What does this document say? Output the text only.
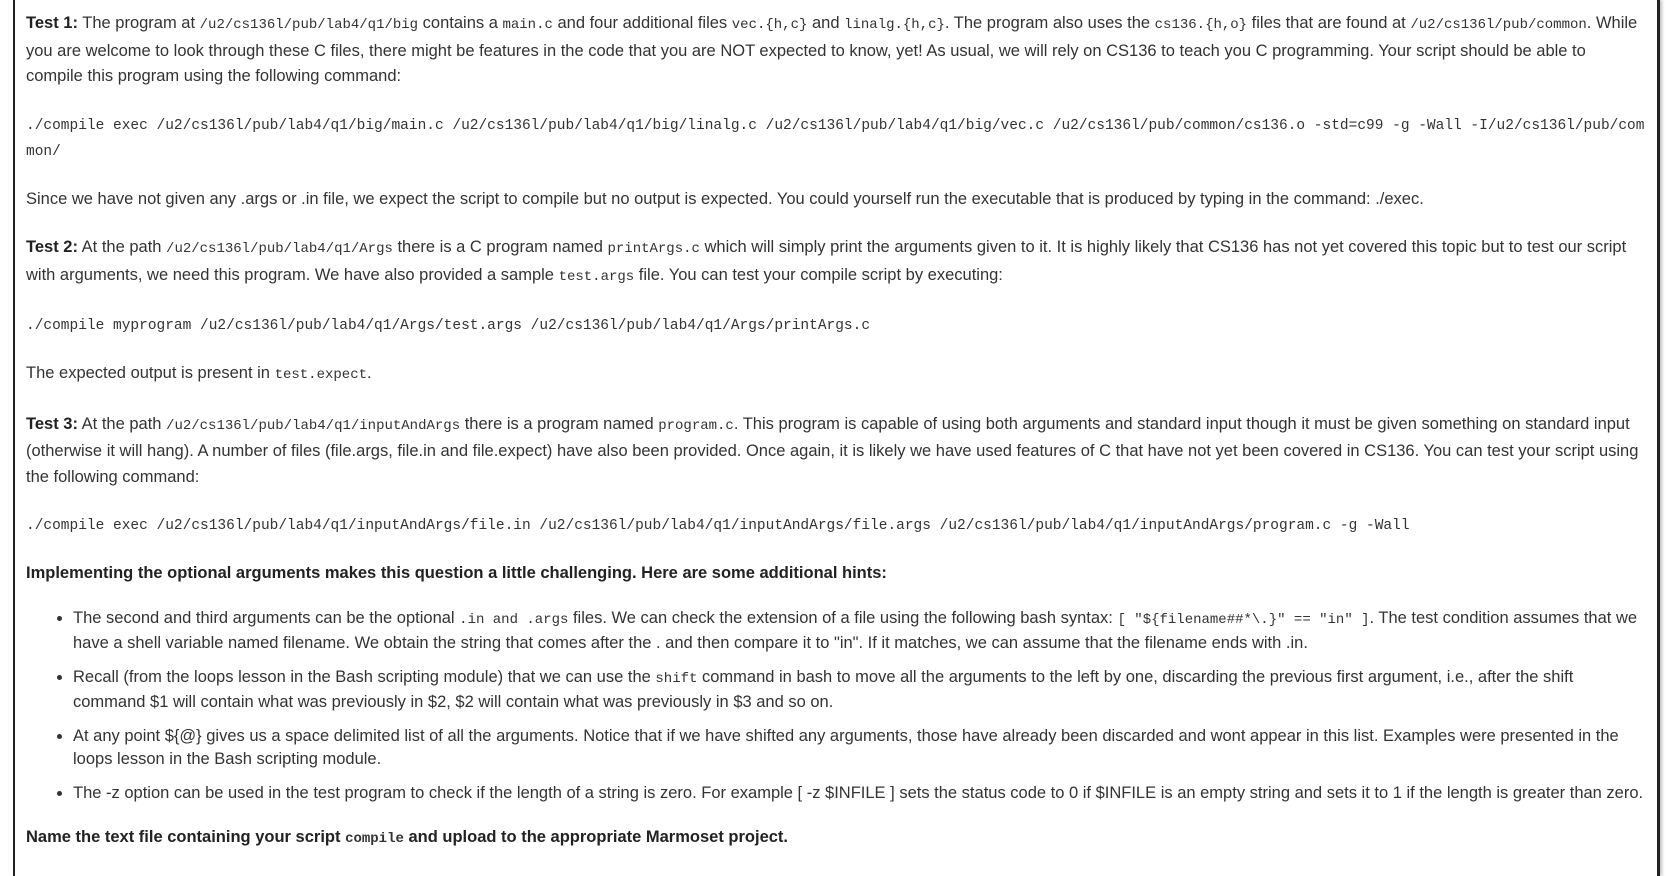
Test 1: The program at /u2/cs136l/pub/lab4/q1/big contains a main.c and four additional files vec.{h,c} and linalg.{h,c}. The program also uses the cs136.{h,o} files that are found at /u2/cs136l/pub/common. While you are welcome to look through these C files, there might be features in the code that you are NOT expected to know, yet! As usual, we will rely on CS136 to teach you C programming. Your script should be able to compile this program using the following command:

./compile exec /u2/cs136l/pub/lab4/q1/big/main.c /u2/cs136l/pub/lab4/q1/big/linalg.c /u2/cs136l/pub/lab4/q1/big/vec.c /u2/cs136l/pub/common/cs136.o -std=c99 -g -Wall -I/u2/cs136l/pub/common/

Since we have not given any .args or .in file, we expect the script to compile but no output is expected. You could yourself run the executable that is produced by typing in the command: ./exec.

Test 2: At the path /u2/cs136l/pub/lab4/q1/Args there is a C program named printArgs.c which will simply print the arguments given to it. It is highly likely that CS136 has not yet covered this topic but to test our script with arguments, we need this program. We have also provided a sample test.args file. You can test your compile script by executing:

./compile myprogram /u2/cs136l/pub/lab4/q1/Args/test.args /u2/cs136l/pub/lab4/q1/Args/printArgs.c

The expected output is present in test.expect.

Test 3: At the path /u2/cs136l/pub/lab4/q1/inputAndArgs there is a program named program.c. This program is capable of using both arguments and standard input though it must be given something on standard input (otherwise it will hang). A number of files (file.args, file.in and file.expect) have also been provided. Once again, it is likely we have used features of C that have not yet been covered in CS136. You can test your script using the following command:

./compile exec /u2/cs136l/pub/lab4/q1/inputAndArgs/file.in /u2/cs136l/pub/lab4/q1/inputAndArgs/file.args /u2/cs136l/pub/lab4/q1/inputAndArgs/program.c -g -Wall

Implementing the optional arguments makes this question a little challenging. Here are some additional hints:

• The second and third arguments can be the optional .in and .args files. We can check the extension of a file using the following bash syntax: [ "${filename##*\.}" == "in" ]. The test condition assumes that we have a shell variable named filename. We obtain the string that comes after the . and then compare it to "in". If it matches, we can assume that the filename ends with .in.
• Recall (from the loops lesson in the Bash scripting module) that we can use the shift command in bash to move all the arguments to the left by one, discarding the previous first argument, i.e., after the shift command $1 will contain what was previously in $2, $2 will contain what was previously in $3 and so on.
• At any point ${@} gives us a space delimited list of all the arguments. Notice that if we have shifted any arguments, those have already been discarded and wont appear in this list. Examples were presented in the loops lesson in the Bash scripting module.
• The -z option can be used in the test program to check if the length of a string is zero. For example [ -z $INFILE ] sets the status code to 0 if $INFILE is an empty string and sets it to 1 if the length is greater than zero.

Name the text file containing your script compile and upload to the appropriate Marmoset project.
